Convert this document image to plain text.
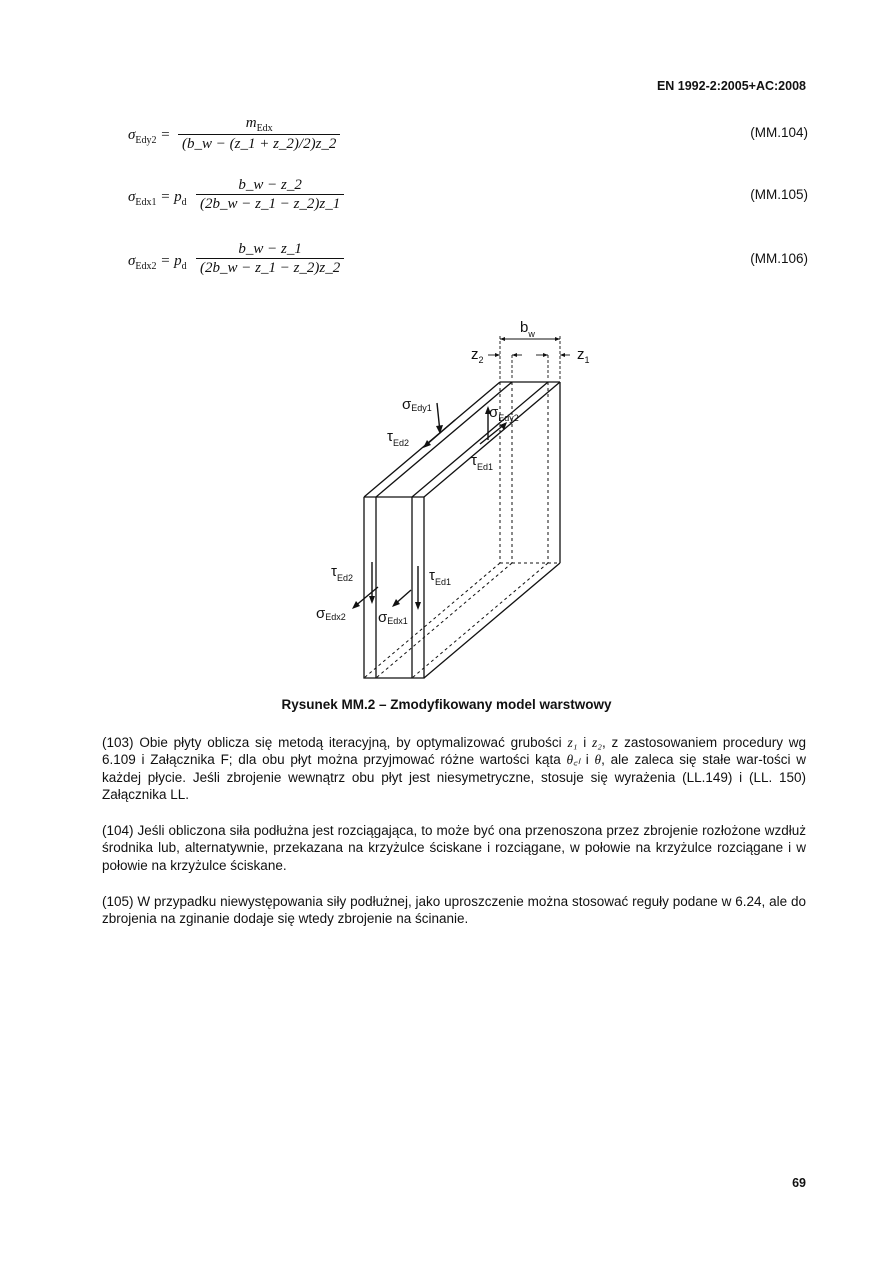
EN 1992-2:2005+AC:2008
$\sigma_{Edy2}$ =
$m_{Edx}$
(b_w − (z_1 + z_2)/2)z_2
(MM.104)
$\sigma_{Edx1} = p_d \frac{b\_w - z\_2}{(2b\_w - z\_1 - z\_2)z\_1}$	(MM.105)
$\sigma_{Edx2} = p_d \frac{b\_w - z\_1}{(2b\_w - z\_1 - z\_2)z\_2}$	(MM.106)
$b_w$
$z_2$	$z_1$
σEdy1	$\sigma_{Edy2}$
$\tau_{Ed2}$
$\tau_{Ed1}$
$\tau_{Ed2}$	$\tau_{Ed1}$
σEdx2 σEdx1
Rysunek MM.2 – Zmodyfikowany model warstwowy

(103) Obie płyty oblicza się metodą iteracyjną, by optymalizować grubości z₁ i z₂, z zastosowaniem procedury wg 6.109 i Załącznika F; dla obu płyt można przyjmować różne wartości kąta θ꜀ₗ i θ, ale zaleca się stałe war-tości w każdej płycie. Jeśli zbrojenie wewnątrz obu płyt jest niesymetryczne, stosuje się wyrażenia (LL.149) i (LL. 150) Załącznika LL.

(104) Jeśli obliczona siła podłużna jest rozciągająca, to może być ona przenoszona przez zbrojenie rozłożone wzdłuż środnika lub, alternatywnie, przekazana na krzyżulce ściskane i rozciągane, w połowie na krzyżulce rozciągane i w połowie na krzyżulce ściskane.

(105) W przypadku niewystępowania siły podłużnej, jako uproszczenie można stosować reguły podane w 6.24, ale do zbrojenia na zginanie dodaje się wtedy zbrojenie na ścinanie.

69
